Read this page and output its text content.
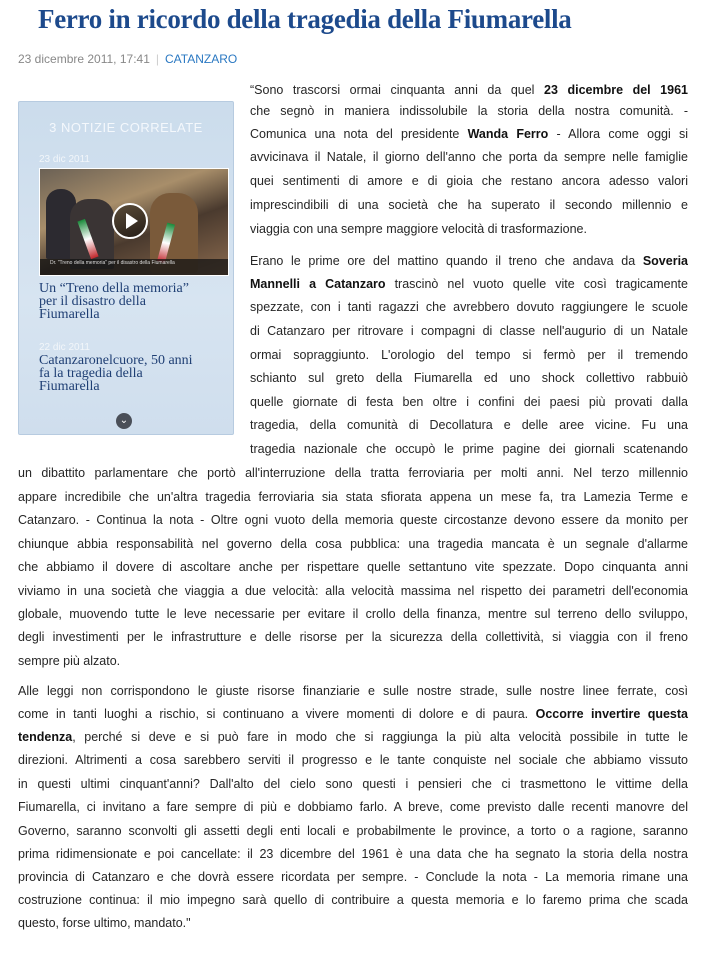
Ferro in ricordo della tragedia della Fiumarella
23 dicembre 2011, 17:41 | CATANZARO
3 NOTIZIE CORRELATE
23 dic 2011
Dr. "Treno della memoria" per il disastro della Fiumarella
Un “Treno della memoria”
per il disastro della
Fiumarella
22 dic 2011
Catanzaronelcuore, 50 anni
fa la tragedia della
Fiumarella
⌄
“Sono trascorsi ormai cinquanta anni da quel 23 dicembre del 1961
che segnò in maniera indissolubile la storia della nostra comunità. -
Comunica una nota del presidente Wanda Ferro - Allora come oggi si
avvicinava il Natale, il giorno dell'anno che porta da sempre nelle famiglie
quei sentimenti di amore e di gioia che restano ancora adesso valori
imprescindibili di una società che ha superato il secondo millennio e
viaggia con una sempre maggiore velocità di trasformazione.
Erano le prime ore del mattino quando il treno che andava da Soveria
Mannelli a Catanzaro trascinò nel vuoto quelle vite così tragicamente
spezzate, con i tanti ragazzi che avrebbero dovuto raggiungere le scuole
di Catanzaro per ritrovare i compagni di classe nell'augurio di un Natale
ormai sopraggiunto. L'orologio del tempo si fermò per il tremendo
schianto sul greto della Fiumarella ed uno shock collettivo rabbuiò
quelle giornate di festa ben oltre i confini dei paesi più provati dalla
tragedia, della comunità di Decollatura e delle aree vicine. Fu una
tragedia nazionale che occupò le prime pagine dei giornali scatenando
un dibattito parlamentare che portò all'interruzione della tratta ferroviaria per molti anni. Nel terzo millennio
appare incredibile che un'altra tragedia ferroviaria sia stata sfiorata appena un mese fa, tra Lamezia Terme e
Catanzaro. - Continua la nota - Oltre ogni vuoto della memoria queste circostanze devono essere da monito per
chiunque abbia responsabilità nel governo della cosa pubblica: una tragedia mancata è un segnale d'allarme
che abbiamo il dovere di ascoltare anche per rispettare quelle settantuno vite spezzate. Dopo cinquanta anni
viviamo in una società che viaggia a due velocità: alla velocità massima nel rispetto dei parametri dell'economia
globale, muovendo tutte le leve necessarie per evitare il crollo della finanza, mentre sul terreno dello sviluppo,
degli investimenti per le infrastrutture e delle risorse per la sicurezza della collettività, si viaggia con il freno
sempre più alzato.
Alle leggi non corrispondono le giuste risorse finanziarie e sulle nostre strade, sulle nostre linee ferrate, così
come in tanti luoghi a rischio, si continuano a vivere momenti di dolore e di paura. Occorre invertire questa
tendenza, perché si deve e si può fare in modo che si raggiunga la più alta velocità possibile in tutte le
direzioni. Altrimenti a cosa sarebbero serviti il progresso e le tante conquiste nel sociale che abbiamo vissuto
in questi ultimi cinquant'anni? Dall'alto del cielo sono questi i pensieri che ci trasmettono le vittime della
Fiumarella, ci invitano a fare sempre di più e dobbiamo farlo. A breve, come previsto dalle recenti manovre del
Governo, saranno sconvolti gli assetti degli enti locali e probabilmente le province, a torto o a ragione, saranno
prima ridimensionate e poi cancellate: il 23 dicembre del 1961 è una data che ha segnato la storia della nostra
provincia di Catanzaro e che dovrà essere ricordata per sempre. - Conclude la nota - La memoria rimane una
costruzione continua: il mio impegno sarà quello di contribuire a questa memoria e lo faremo prima che scada
questo, forse ultimo, mandato."
